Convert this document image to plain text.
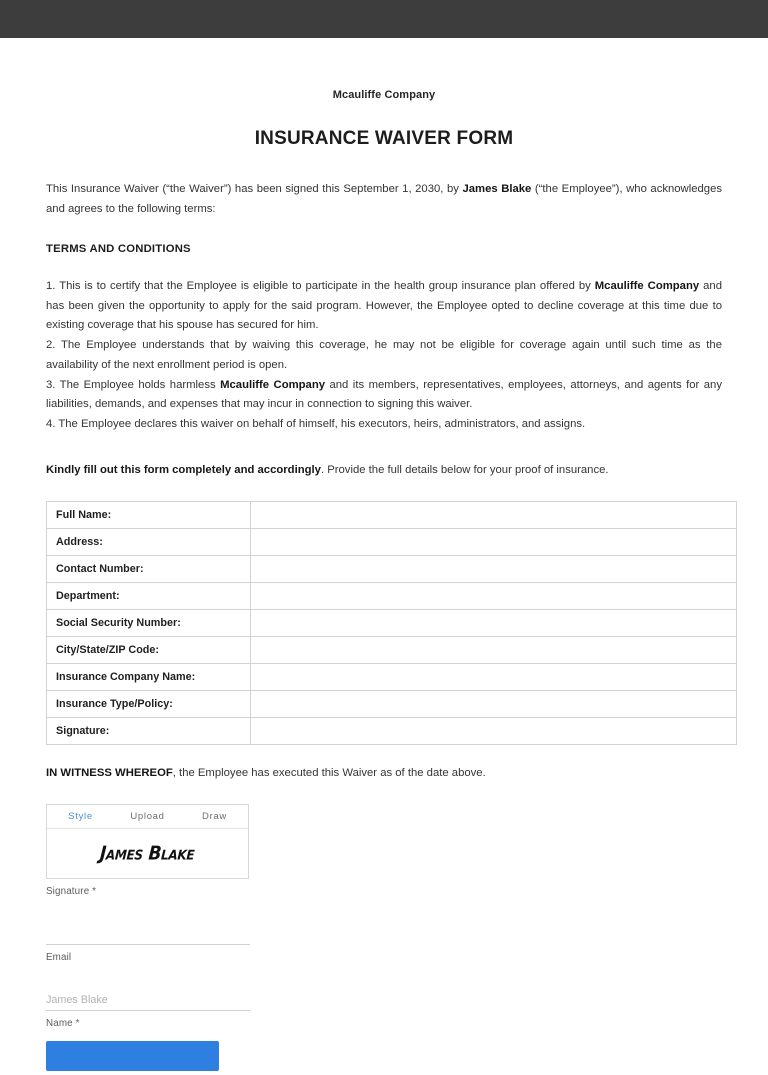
Mcauliffe Company
INSURANCE WAIVER FORM

This Insurance Waiver (“the Waiver”) has been signed this September 1, 2030, by James Blake (“the Employee”), who acknowledges and agrees to the following terms:

TERMS AND CONDITIONS

1. This is to certify that the Employee is eligible to participate in the health group insurance plan offered by Mcauliffe Company and has been given the opportunity to apply for the said program. However, the Employee opted to decline coverage at this time due to existing coverage that his spouse has secured for him.

2. The Employee understands that by waiving this coverage, he may not be eligible for coverage again until such time as the availability of the next enrollment period is open.

3. The Employee holds harmless Mcauliffe Company and its members, representatives, employees, attorneys, and agents for any liabilities, demands, and expenses that may incur in connection to signing this waiver.

4. The Employee declares this waiver on behalf of himself, his executors, heirs, administrators, and assigns.

Kindly fill out this form completely and accordingly. Provide the full details below for your proof of insurance.
Full Name:	
Address:	
Contact Number:	
Department:	
Social Security Number:	
City/State/ZIP Code:	
Insurance Company Name:	
Insurance Type/Policy:	
Signature:	
IN WITNESS WHEREOF, the Employee has executed this Waiver as of the date above.
Style	Upload	Draw
James Blake
Signature *
Email
James Blake
Name *
